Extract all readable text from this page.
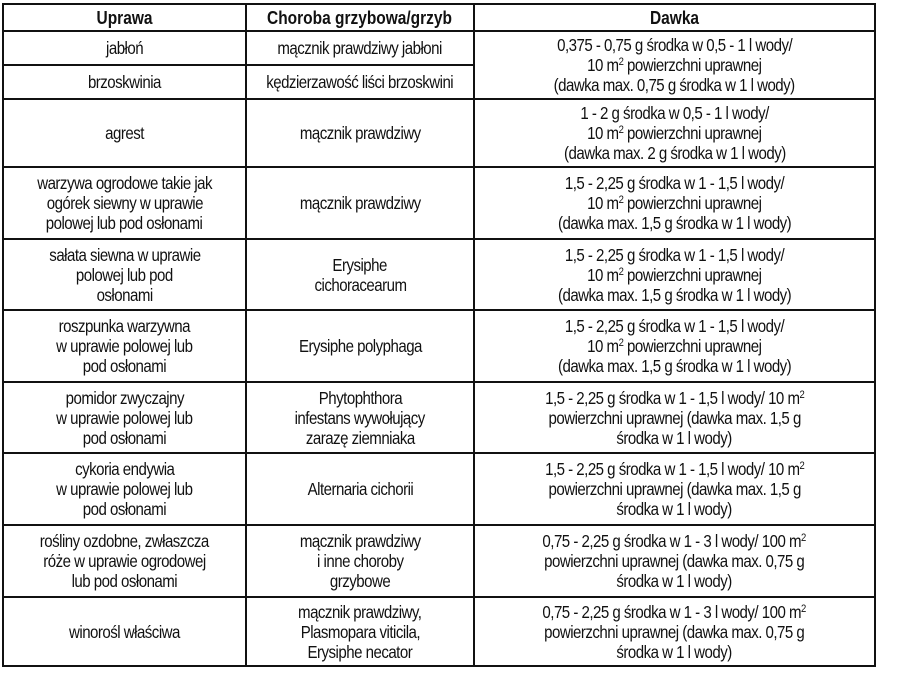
Uprawa	Choroba grzybowa/grzyb	Dawka

jabłoń	mącznik prawdziwy jabłoni	0,375 - 0,75 g środka w 0,5 - 1 l wody/
10 $m^2$ powierzchni uprawnej
(dawka max. 0,75 g środka w 1 l wody)

brzoskwinia	kędzierzawość liści brzoskwini	

agrest	mącznik prawdziwy	1 - 2 g środka w 0,5 - 1 l wody/
10 $m^2$ powierzchni uprawnej
(dawka max. 2 g środka w 1 l wody)

warzywa ogrodowe takie jak
ogórek siewny w uprawie
polowej lub pod osłonami	mącznik prawdziwy	1,5 - 2,25 g środka w 1 - 1,5 l wody/
10 $m^2$ powierzchni uprawnej
(dawka max. 1,5 g środka w 1 l wody)

sałata siewna w uprawie
polowej lub pod
osłonami	Erysiphe
cichoracearum	1,5 - 2,25 g środka w 1 - 1,5 l wody/
10 $m^2$ powierzchni uprawnej
(dawka max. 1,5 g środka w 1 l wody)

roszpunka warzywna
w uprawie polowej lub
pod osłonami	Erysiphe polyphaga	1,5 - 2,25 g środka w 1 - 1,5 l wody/
10 $m^2$ powierzchni uprawnej
(dawka max. 1,5 g środka w 1 l wody)

pomidor zwyczajny
w uprawie polowej lub
pod osłonami	Phytophthora
infestans wywołujący
zarazę ziemniaka	1,5 - 2,25 g środka w 1 - 1,5 l wody/ 10 $m^2$
powierzchni uprawnej (dawka max. 1,5 g
środka w 1 l wody)

cykoria endywia
w uprawie polowej lub
pod osłonami	Alternaria cichorii	1,5 - 2,25 g środka w 1 - 1,5 l wody/ 10 $m^2$
powierzchni uprawnej (dawka max. 1,5 g
środka w 1 l wody)

rośliny ozdobne, zwłaszcza
róże w uprawie ogrodowej
lub pod osłonami	mącznik prawdziwy
i inne choroby
grzybowe	0,75 - 2,25 g środka w 1 - 3 l wody/ 100 $m^2$
powierzchni uprawnej (dawka max. 0,75 g
środka w 1 l wody)

winorośl właściwa	mącznik prawdziwy,
Plasmopara viticila,
Erysiphe necator	0,75 - 2,25 g środka w 1 - 3 l wody/ 100 $m^2$
powierzchni uprawnej (dawka max. 0,75 g
środka w 1 l wody)
